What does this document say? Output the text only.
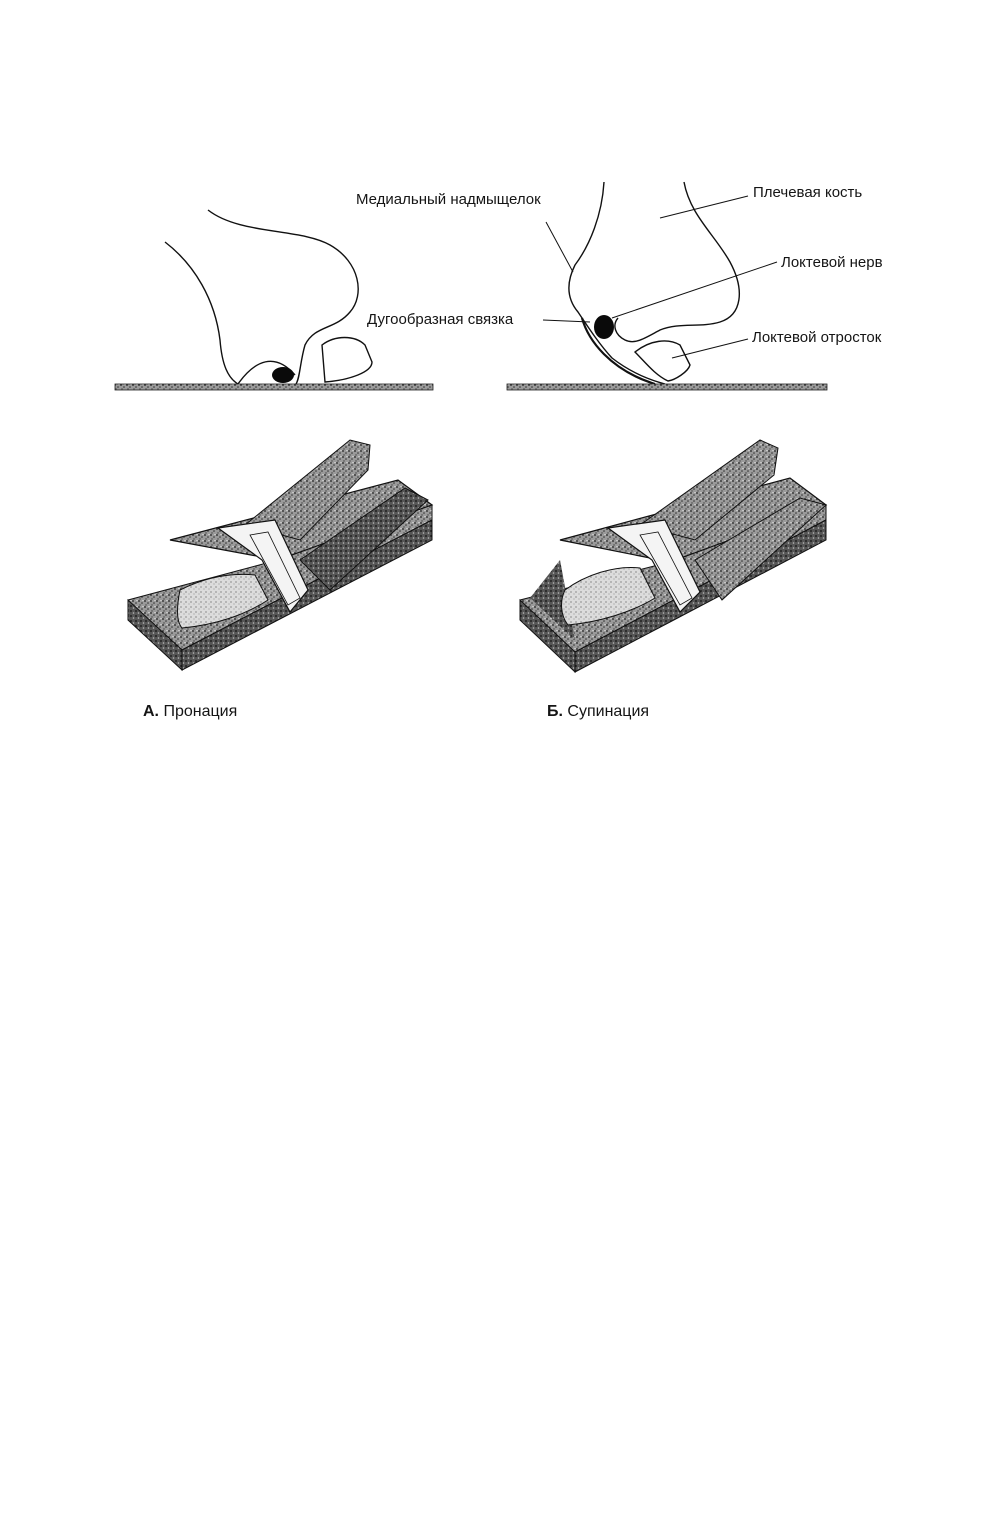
Медиальный надмыщелок	Плечевая кость
Локтевой нерв
Дугообразная связка
Локтевой отросток
А. Пронация	Б. Супинация
